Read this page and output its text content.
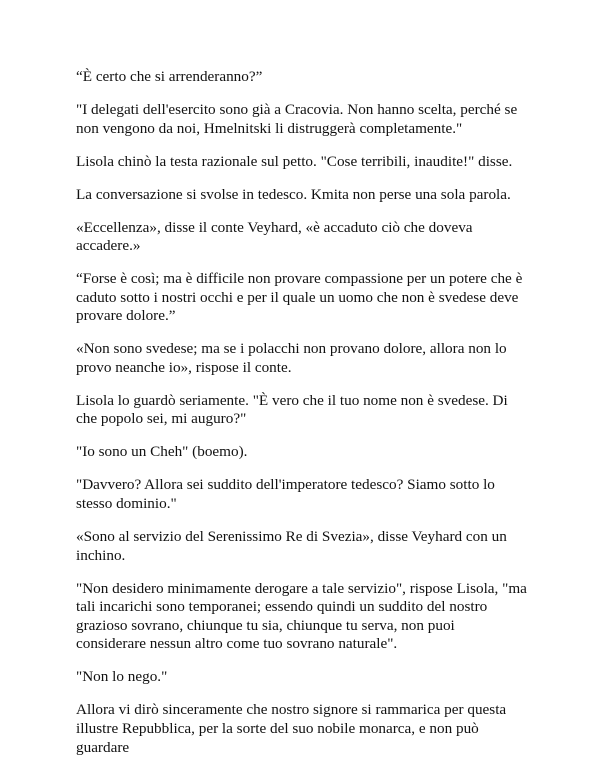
“È certo che si arrenderanno?”

"I delegati dell'esercito sono già a Cracovia. Non hanno scelta, perché se non vengono da noi, Hmelnitski li distruggerà completamente."

Lisola chinò la testa razionale sul petto. "Cose terribili, inaudite!" disse.

La conversazione si svolse in tedesco. Kmita non perse una sola parola.

«Eccellenza», disse il conte Veyhard, «è accaduto ciò che doveva accadere.»

“Forse è così; ma è difficile non provare compassione per un potere che è caduto sotto i nostri occhi e per il quale un uomo che non è svedese deve provare dolore.”

«Non sono svedese; ma se i polacchi non provano dolore, allora non lo provo neanche io», rispose il conte.

Lisola lo guardò seriamente. "È vero che il tuo nome non è svedese. Di che popolo sei, mi auguro?"

"Io sono un Cheh" (boemo).

"Davvero? Allora sei suddito dell'imperatore tedesco? Siamo sotto lo stesso dominio."

«Sono al servizio del Serenissimo Re di Svezia», disse Veyhard con un inchino.

"Non desidero minimamente derogare a tale servizio", rispose Lisola, "ma tali incarichi sono temporanei; essendo quindi un suddito del nostro grazioso sovrano, chiunque tu sia, chiunque tu serva, non puoi considerare nessun altro come tuo sovrano naturale".

"Non lo nego."

Allora vi dirò sinceramente che nostro signore si rammarica per questa illustre Repubblica, per la sorte del suo nobile monarca, e non può guardare
